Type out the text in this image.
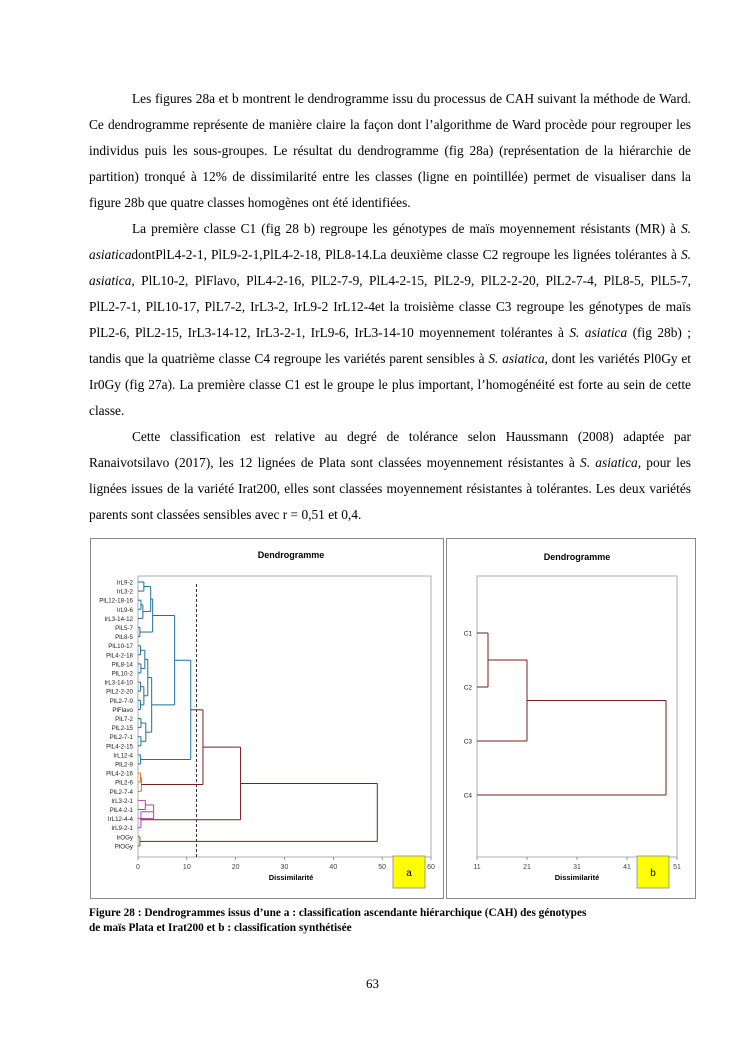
Les figures 28a et b montrent le dendrogramme issu du processus de CAH suivant la méthode de Ward. Ce dendrogramme représente de manière claire la façon dont l’algorithme de Ward procède pour regrouper les individus puis les sous-groupes. Le résultat du dendrogramme (fig 28a) (représentation de la hiérarchie de partition) tronqué à 12% de dissimilarité entre les classes (ligne en pointillée) permet de visualiser dans la figure 28b que quatre classes homogènes ont été identifiées.

La première classe C1 (fig 28 b) regroupe les génotypes de maïs moyennement résistants (MR) à S. asiaticadontPlL4-2-1, PlL9-2-1,PlL4-2-18, PlL8-14.La deuxième classe C2 regroupe les lignées tolérantes à S. asiatica, PlL10-2, PlFlavo, PlL4-2-16, PlL2-7-9, PlL4-2-15, PlL2-9, PlL2-2-20, PlL2-7-4, PlL8-5, PlL5-7, PlL2-7-1, PlL10-17, PlL7-2, IrL3-2, IrL9-2 IrL12-4et la troisième classe C3 regroupe les génotypes de maïs PlL2-6, PlL2-15, IrL3-14-12, IrL3-2-1, IrL9-6, IrL3-14-10 moyennement tolérantes à S. asiatica (fig 28b) ; tandis que la quatrième classe C4 regroupe les variétés parent sensibles à S. asiatica, dont les variétés Pl0Gy et Ir0Gy (fig 27a). La première classe C1 est le groupe le plus important, l’homogénéité est forte au sein de cette classe.

Cette classification est relative au degré de tolérance selon Haussmann (2008) adaptée par Ranaivotsilavo (2017), les 12 lignées de Plata sont classées moyennement résistantes à S. asiatica, pour les lignées issues de la variété Irat200, elles sont classées moyennement résistantes à tolérantes. Les deux variétés parents sont classées sensibles avec r = 0,51 et 0,4.

Dendrogramme
0	10	20	30	40	50	60
Dissimilarité
IrL9-2
IrL3-2
PlL12-18-16
IrL9-6
IrL3-14-12
PlL5-7
PlL8-5
PlL10-17
PlL4-2-18
PlL8-14
PlL10-2
IrL3-14-10
PlL2-2-20
PlL2-7-9
PlFlavo
PlL7-2
PlL2-15
PlL2-7-1
PlL4-2-15
IrL12-4
PlL2-9
PlL4-2-16
PlL2-6
PlL2-7-4
IrL3-2-1
PlL4-2-1
IrL12-4-4
IrL9-2-1
IrOGy
PlOGy
a
Dendrogramme
11	21	31	41	51
Dissimilarité
C1
C2
C3
C4
b

Figure 28 : Dendrogrammes issus d’une a : classification ascendante hiérarchique (CAH) des génotypes
de maïs Plata et Irat200 et b : classification synthétisée

63
